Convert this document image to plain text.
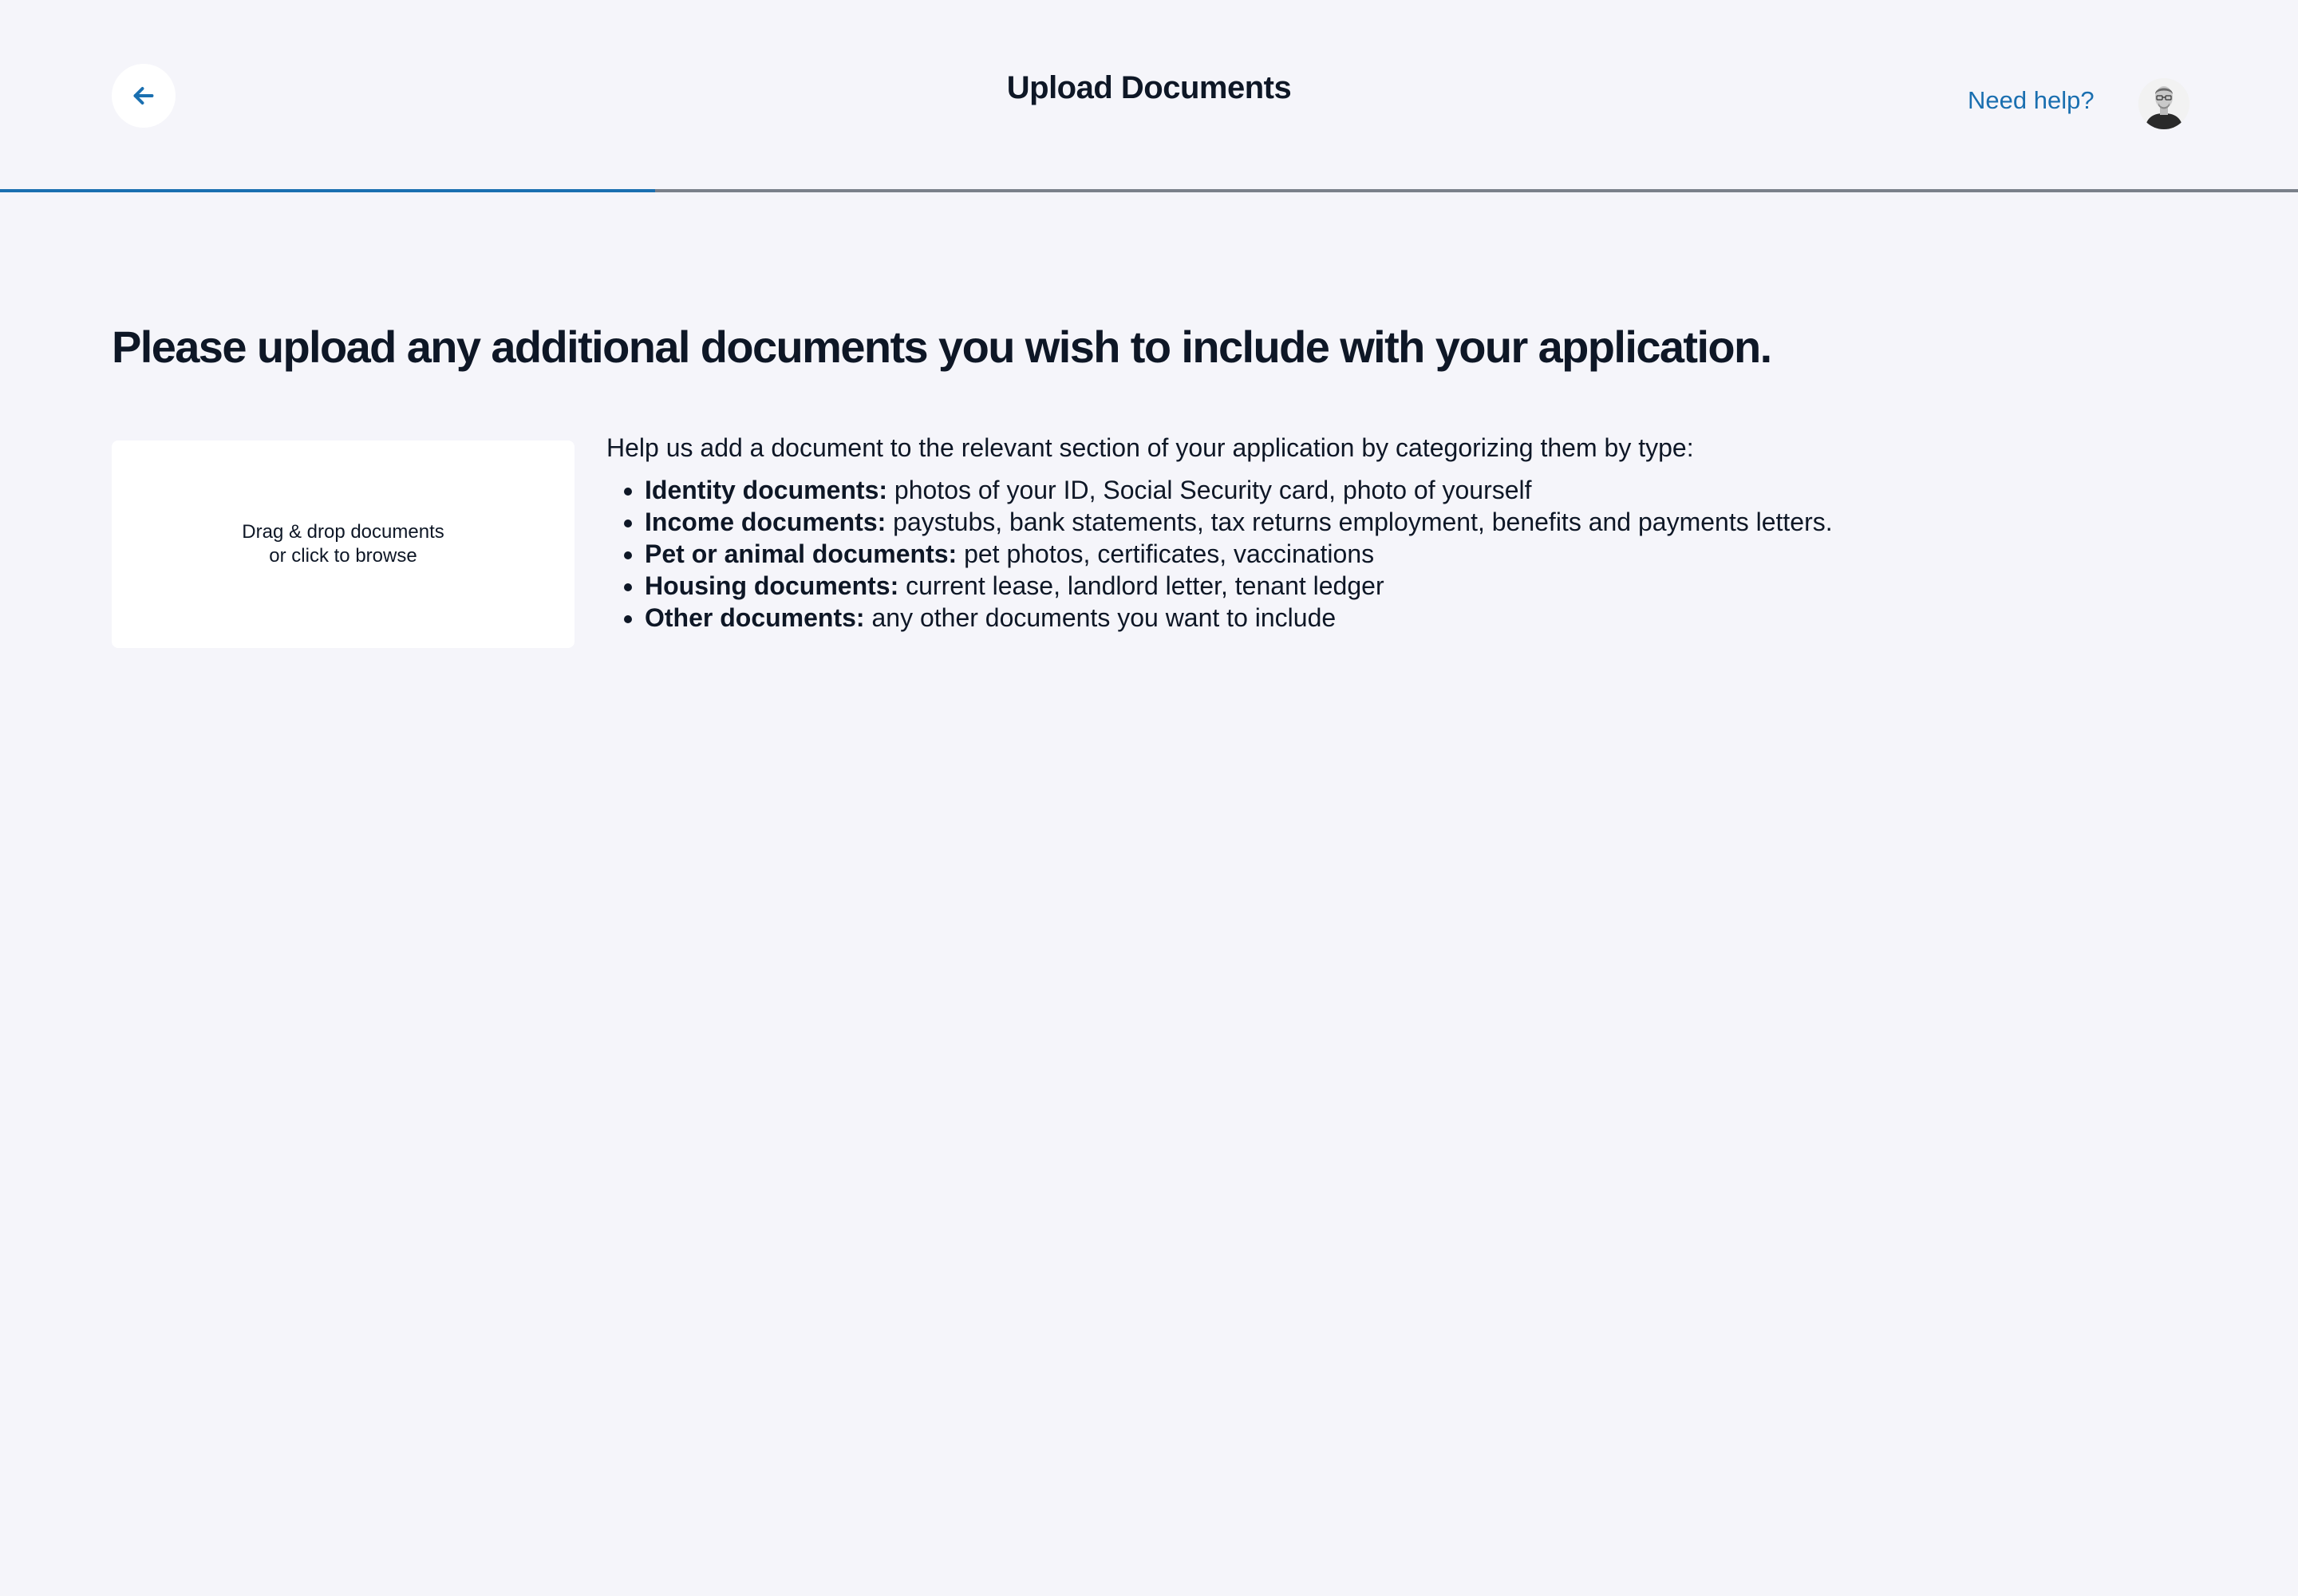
Upload Documents	Need help?
Please upload any additional documents you wish to include with your application.
Drag & drop documents
or click to browse

Help us add a document to the relevant section of your application by categorizing them by type:

• Identity documents: photos of your ID, Social Security card, photo of yourself
• Income documents: paystubs, bank statements, tax returns employment, benefits and payments letters.
• Pet or animal documents: pet photos, certificates, vaccinations
• Housing documents: current lease, landlord letter, tenant ledger
• Other documents: any other documents you want to include
